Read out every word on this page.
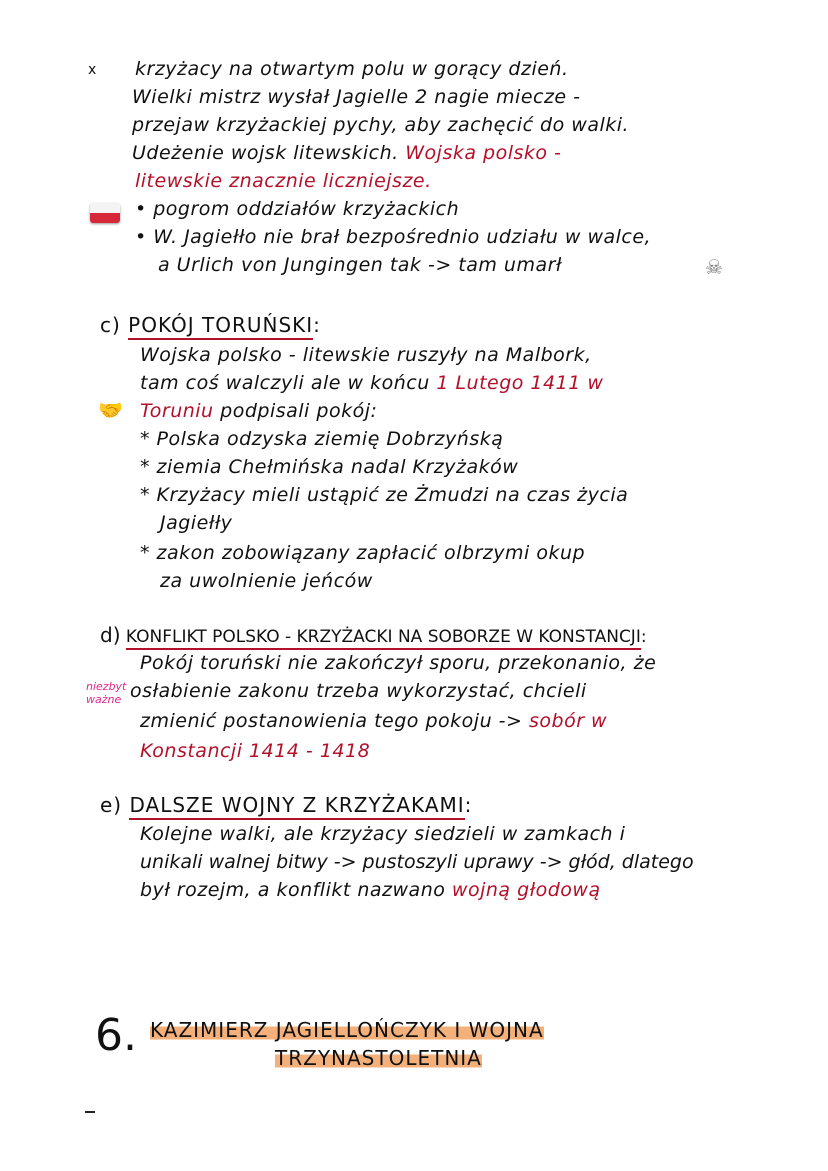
x krzyżacy na otwartym polu w gorący dzień.
Wielki mistrz wysłał Jagielle 2 nagie miecze -
przejaw krzyżackiej pychy, aby zachęcić do walki.
Udeżenie wojsk litewskich. Wojska polsko -
litewskie znacznie liczniejsze.
• pogrom oddziałów krzyżackich
• W. Jagiełło nie brał bezpośrednio udziału w walce,
a Urlich von Jungingen tak -> tam umarł	☠
c) POKÓJ TORUŃSKI:
Wojska polsko - litewskie ruszyły na Malbork,
tam coś walczyli ale w końcu 1 Lutego 1411 w
🤝 Toruniu podpisali pokój:
* Polska odzyska ziemię Dobrzyńską
* ziemia Chełmińska nadal Krzyżaków
* Krzyżacy mieli ustąpić ze Żmudzi na czas życia
Jagiełły
* zakon zobowiązany zapłacić olbrzymi okup
za uwolnienie jeńców
d) KONFLIKT POLSKO - KRZYŻACKI NA SOBORZE W KONSTANCJI:
Pokój toruński nie zakończył sporu, przekonanio, że
niezbyt
ważne osłabienie zakonu trzeba wykorzystać, chcieli
zmienić postanowienia tego pokoju -> sobór w
Konstancji 1414 - 1418
e) DALSZE WOJNY Z KRZYŻAKAMI:
Kolejne walki, ale krzyżacy siedzieli w zamkach i
unikali walnej bitwy -> pustoszyli uprawy -> głód, dlatego
był rozejm, a konflikt nazwano wojną głodową
6. KAZIMIERZ JAGIELLOŃCZYK I WOJNA
TRZYNASTOLETNIA
